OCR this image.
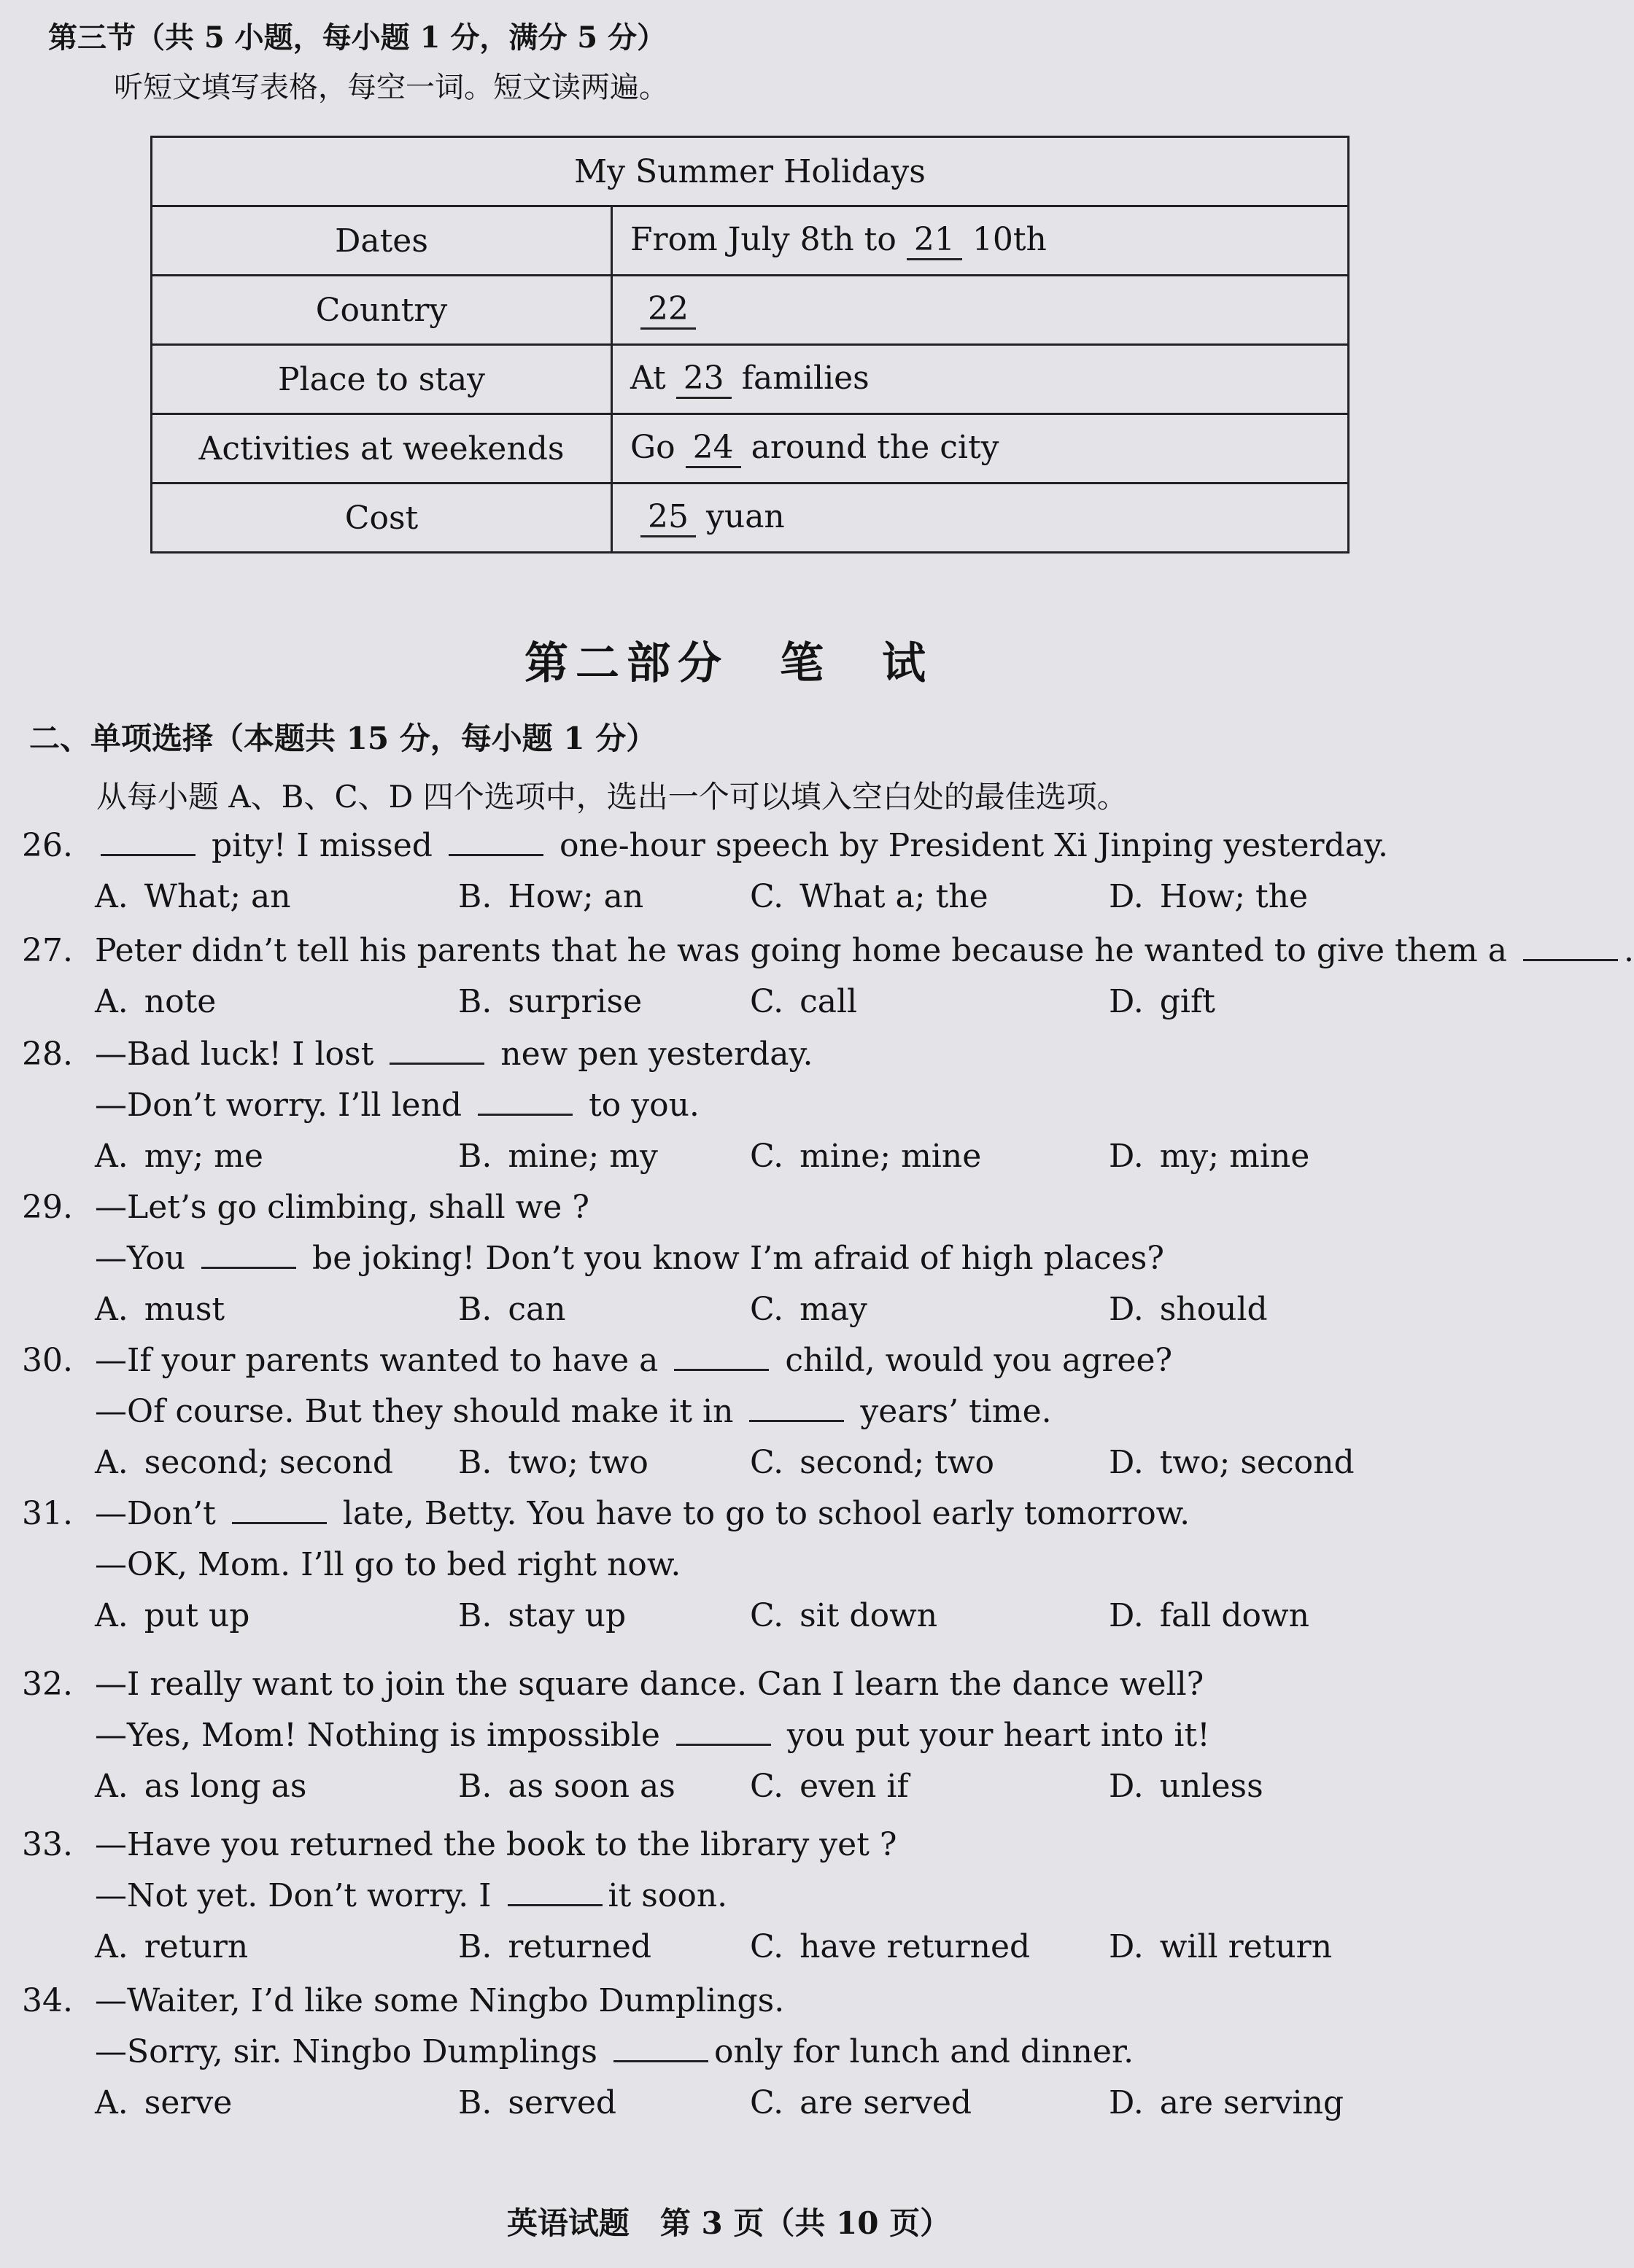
第三节（共 5 小题，每小题 1 分，满分 5 分）
听短文填写表格，每空一词。短文读两遍。
My Summer Holidays	
Dates	From July 8th to 21 10th
Country	22
Place to stay	At 23 families
Activities at weekends	Go 24 around the city
Cost	25 yuan
第二部分　笔　试
二、单项选择（本题共 15 分，每小题 1 分）
从每小题 A、B、C、D 四个选项中，选出一个可以填入空白处的最佳选项。
26.	pity! I missed	one-hour speech by President Xi Jinping yesterday.
A. What; an	B. How; an	C. What a; the	D. How; the
27. Peter didn’t tell his parents that he was going home because he wanted to give them a	.
A. note	B. surprise	C. call	D. gift
28. —Bad luck! I lost	new pen yesterday.
—Don’t worry. I’ll lend	to you.
A. my; me	B. mine; my	C. mine; mine	D. my; mine
29. —Let’s go climbing, shall we ?
—You	be joking! Don’t you know I’m afraid of high places?
A. must	B. can	C. may	D. should
30. —If your parents wanted to have a	child, would you agree?
—Of course. But they should make it in	years’ time.
A. second; second B. two; two	C. second; two	D. two; second
31. —Don’t	late, Betty. You have to go to school early tomorrow.
—OK, Mom. I’ll go to bed right now.
A. put up	B. stay up	C. sit down	D. fall down
32. —I really want to join the square dance. Can I learn the dance well?
—Yes, Mom! Nothing is impossible	you put your heart into it!
A. as long as	B. as soon as C. even if	D. unless
33. —Have you returned the book to the library yet ?
—Not yet. Don’t worry. I	it soon.
A. return	B. returned	C. have returned D. will return
34. —Waiter, I’d like some Ningbo Dumplings.
—Sorry, sir. Ningbo Dumplings	only for lunch and dinner.
A. serve	B. served	C. are served	D. are serving
英语试题　第 3 页（共 10 页）
